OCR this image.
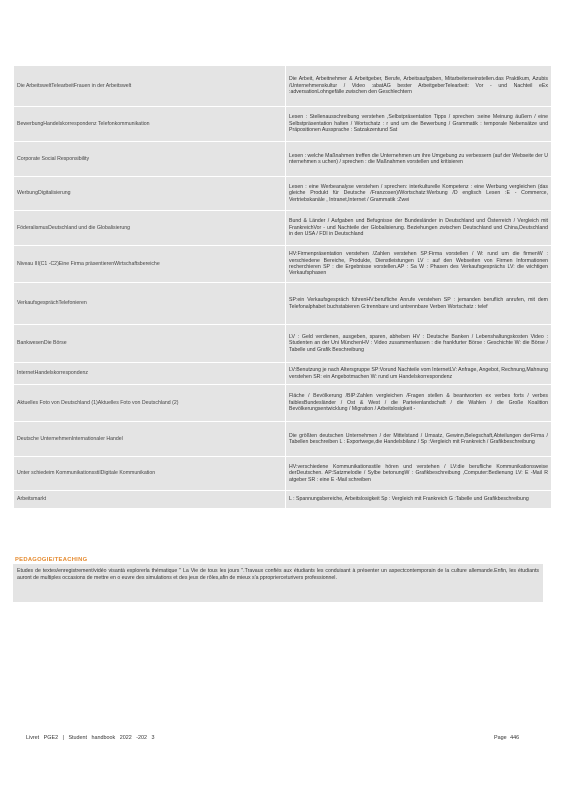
Die ArbeitsweltTelearbeitFrauen in der Arbeitswelt	Die Arbeit, Arbeitnehmer & Arbeitgeber, Berufe, Arbeitsaufgaben, Mitarbeiterseinstellen.das Praktikum, Azubis /Unternehmenskultur / Video :abatAG bester ArbeitgeberTelearbeit: Vor - und Nachteil eEx :adversationLohngefälle zwischen den Geschlechtern
BewerbungHandelskorrespondenz Telefonkommunikation	Lesen : Stellenausschreibung verstehen ,Selbstpräsentation Tipps / sprechen :seine Meinung äußern / eine Selbstpräsentation halten / Wortschatz : r und um die Bewerbung / Grammatik : temporale Nebensätze und Präpositionen Aussprache : Satzakzentund Sat
Corporate Social Responsibility	Lesen : welche Maßnahmen treffen die Unternehmen um ihre Umgebung zu verbessern (auf der Webseite der U nternehmen s uchen) / sprechen : die Maßnahmen vorstellen und kritisieren
WerbungDigitalisierung	Lesen : eine Werbeanalyse verstehen / sprechen: interkulturelle Kompetenz : eine Werbung vergleichen (das gleiche Produkt für Deutsche /Franzosen)/Wortschatz:Werbung /D englisch Lesen :E - Commerce, Vertriebskanäle , Intranet,Internet / Grammatik :Zwei
FöderalismusDeutschland und die Globalisierung	Bund & Länder / Aufgaben und Befugnisse der Bundesländer in Deutschland und Österreich / Vergleich mit FrankreichVor - und Nachteile der Globalisierung. Beziehungen zwischen Deutschland und China,Deutschland in den USA / FDI in Deutschland
Niveau III(C1 -C2)Eine Firma präsentierenWirtschaftsbereiche	HV:Firmenpräsentation verstehen /Zahlen verstehen SP:Firma vorstellen / W: rund um die firmenW : verschiedene Bereiche, Produkte, Dienstleistungen LV : auf den Webseiten von Firmen Informationen recherchieren SP : die Ergebnisse vorstellen.AP : Sa W : Phasen des Verkaufsgesprächs LV: die wichtigen Verkaufsphasen
VerkaufsgesprächTelefonieren	SP:ein Verkaufsgespräch führenHV:berufliche Anrufe verstehen SP : jemanden beruflich anrufen, mit dem Telefonalphabet buchstabieren G:trennbare und untrennbare Verben Wortschatz : telef
BankwesenDie Börse	LV : Geld verdienen, ausgeben, sparen, abheben HV : Deutsche Banken / Lebenshaltungskosten Video : Studenten an der Uni MünchenHV : Video zusammenfassen : die frankfurter Börse : Geschichte W: die Börse / Tabelle und Grafik Beschreibung
InternetHandelskorrespondenz	LV:Benutzung je nach Altersgruppe SP:Vorund Nachteile vom InternetLV: Anfrage, Angebot, Rechnung,Mahnung verstehen SR: ein Angebotmachen W: rund um Handelskorrespondenz
Aktuelles Foto von Deutschland (1)Aktuelles Foto von Deutschland (2)	Fläche / Bevölkerung /BIP:Zahlen vergleichen /Fragen stellen & beantworten ex verbes forts / verbes faiblesBundesländer / Ost & West / die Parteienlandschaft / die Wahlen / die Große Koalition Bevölkerungsentwicklung / Migration / Arbeitslosigkeit -
Deutsche UnternehmenInternationaler Handel	Die größten deutschen Unternehmen / der Mittelstand / Umsatz, Gewinn,Belegschaft,Abteilungen derFirma / Tabellen beschreiben L : Exportwege,die Handelsbilanz / Sp :Vergleich mit Frankreich / Grafikbeschreibung
Unter schiedeim KommunikationsstilDigitale Kommunikation	HV:verschiedene Kommunikationsstile hören und verstehen / LV:die berufliche Kommunikationsweise derDeutschen. AP:Satzmelodie / Sylbe betonungW : Grafikbeschreibung ,Computer:Bedienung LV: E -Mail R atgeber SR : eine E -Mail schreiben
Arbeitsmarkt	L : Spannungsbereiche, Arbeitslosigkeit Sp : Vergleich mit Frankreich G :Tabelle und Grafikbeschreibung
PEDAGOGIE/TEACHING
Etudes de textes/enregistrement/vidéo visantà explorerla thématique " La Vie de tous les jours ".Travaux confiés aux étudiants les conduisant à présenter un aspectcontemporain de la culture allemande.Enfin, les étudiants auront de multiples occasions de mettre en o euvre des simulations et des jeux de rôles,afin de mieux s'a pproprierceturivers professionnel.
Livret PGE2 | Student handbook 2022 -202 3	Page 446
